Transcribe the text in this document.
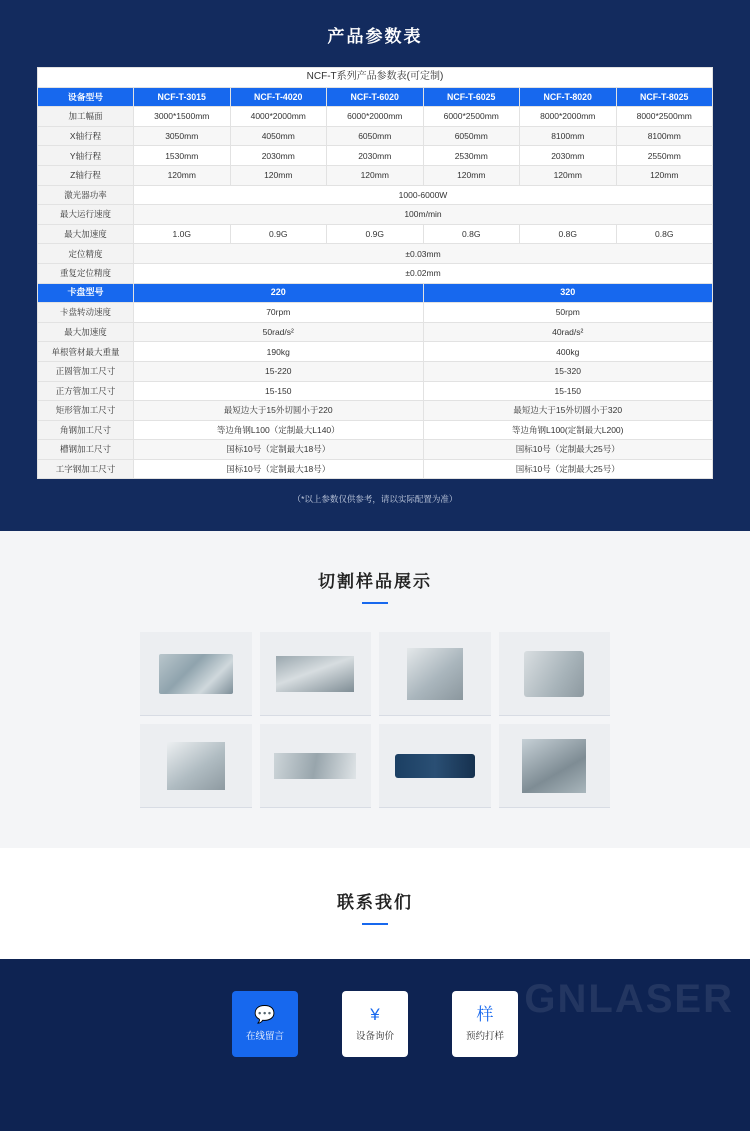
产品参数表
NCF-T系列产品参数表(可定制)						
设备型号	NCF-T-3015	NCF-T-4020	NCF-T-6020	NCF-T-6025	NCF-T-8020	NCF-T-8025
加工幅面	3000*1500mm	4000*2000mm	6000*2000mm	6000*2500mm	8000*2000mm	8000*2500mm
X轴行程	3050mm	4050mm	6050mm	6050mm	8100mm	8100mm
Y轴行程	1530mm	2030mm	2030mm	2530mm	2030mm	2550mm
Z轴行程	120mm	120mm	120mm	120mm	120mm	120mm
激光器功率	1000-6000W					
最大运行速度	100m/min					
最大加速度	1.0G	0.9G	0.9G	0.8G	0.8G	0.8G
定位精度	±0.03mm					
重复定位精度	±0.02mm					
卡盘型号	220			320		
卡盘转动速度	70rpm			50rpm		
最大加速度	50rad/s²			40rad/s²		
单根管材最大重量	190kg			400kg		
正圆管加工尺寸	15-220			15-320		
正方管加工尺寸	15-150			15-150		
矩形管加工尺寸	最短边大于15外切圆小于220			最短边大于15外切圆小于320		
角钢加工尺寸	等边角钢L100（定制最大L140）			等边角钢L100(定制最大L200)		
槽钢加工尺寸	国标10号（定制最大18号）			国标10号（定制最大25号）		
工字钢加工尺寸	国标10号（定制最大18号）			国标10号（定制最大25号）		
（*以上参数仅供参考，请以实际配置为准）
切割样品展示
联系我们
GNLASER
💬
在线留言
¥
设备询价
样
预约打样
